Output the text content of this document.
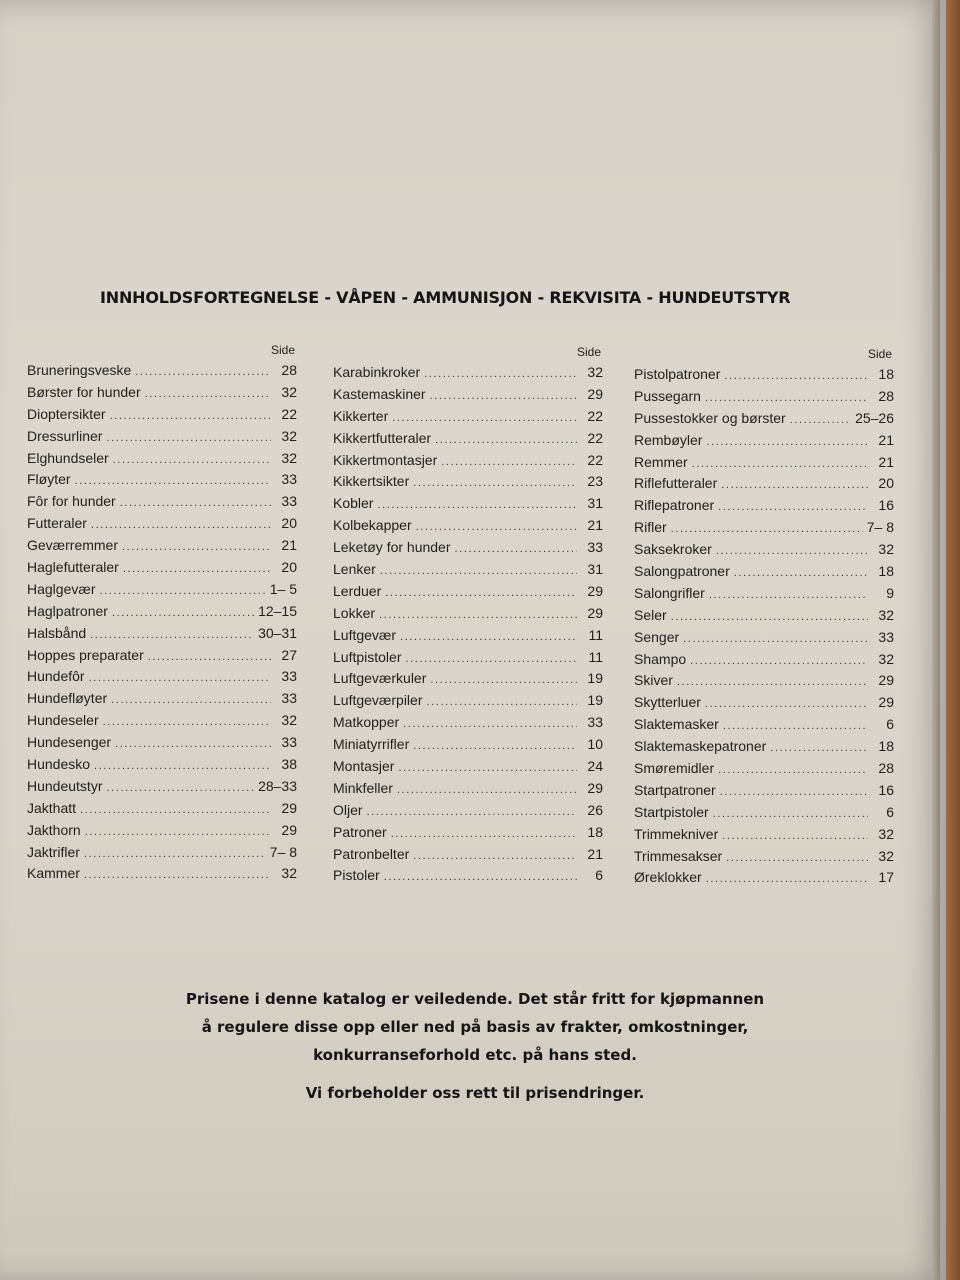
INNHOLDSFORTEGNELSE - VÅPEN - AMMUNISJON - REKVISITA - HUNDEUTSTYR
Side
Bruneringsveske .....	28
Børster for hunder .....	32
Dioptersikter .....	22
Dressurliner .....	32
Elghundseler .....	32
Fløyter .....	33
Fôr for hunder .....	33
Futteraler .....	20
Geværremmer .....	21
Haglefutteraler .....	20
Haglgevær .....	1– 5
Haglpatroner .....	12–15
Halsbånd .....	30–31
Hoppes preparater .....	27
Hundefôr .....	33
Hundefløyter .....	33
Hundeseler .....	32
Hundesenger .....	33
Hundesko .....	38
Hundeutstyr .....	28–33
Jakthatt .....	29
Jakthorn .....	29
Jaktrifler .....	7– 8
Kammer .....	32
Side
Karabinkroker .....	32
Kastemaskiner .....	29
Kikkerter .....	22
Kikkertfutteraler .....	22
Kikkertmontasjer .....	22
Kikkertsikter .....	23
Kobler .....	31
Kolbekapper .....	21
Leketøy for hunder .....	33
Lenker .....	31
Lerduer .....	29
Lokker .....	29
Luftgevær .....	11
Luftpistoler .....	11
Luftgeværkuler .....	19
Luftgeværpiler .....	19
Matkopper .....	33
Miniatyrrifler .....	10
Montasjer .....	24
Minkfeller .....	29
Oljer .....	26
Patroner .....	18
Patronbelter .....	21
Pistoler .....	6
Side
Pistolpatroner .....	18
Pussegarn .....	28
Pussestokker og børster .....	25–26
Rembøyler .....	21
Remmer .....	21
Riflefutteraler .....	20
Riflepatroner .....	16
Rifler .....	7– 8
Saksekroker .....	32
Salongpatroner .....	18
Salongrifler .....	9
Seler .....	32
Senger .....	33
Shampo .....	32
Skiver .....	29
Skytterluer .....	29
Slaktemasker .....	6
Slaktemaskepatroner .....	18
Smøremidler .....	28
Startpatroner .....	16
Startpistoler .....	6
Trimmekniver .....	32
Trimmesakser .....	32
Øreklokker .....	17
Prisene i denne katalog er veiledende. Det står fritt for kjøpmannen
å regulere disse opp eller ned på basis av frakter, omkostninger,
konkurranseforhold etc. på hans sted.
Vi forbeholder oss rett til prisendringer.
